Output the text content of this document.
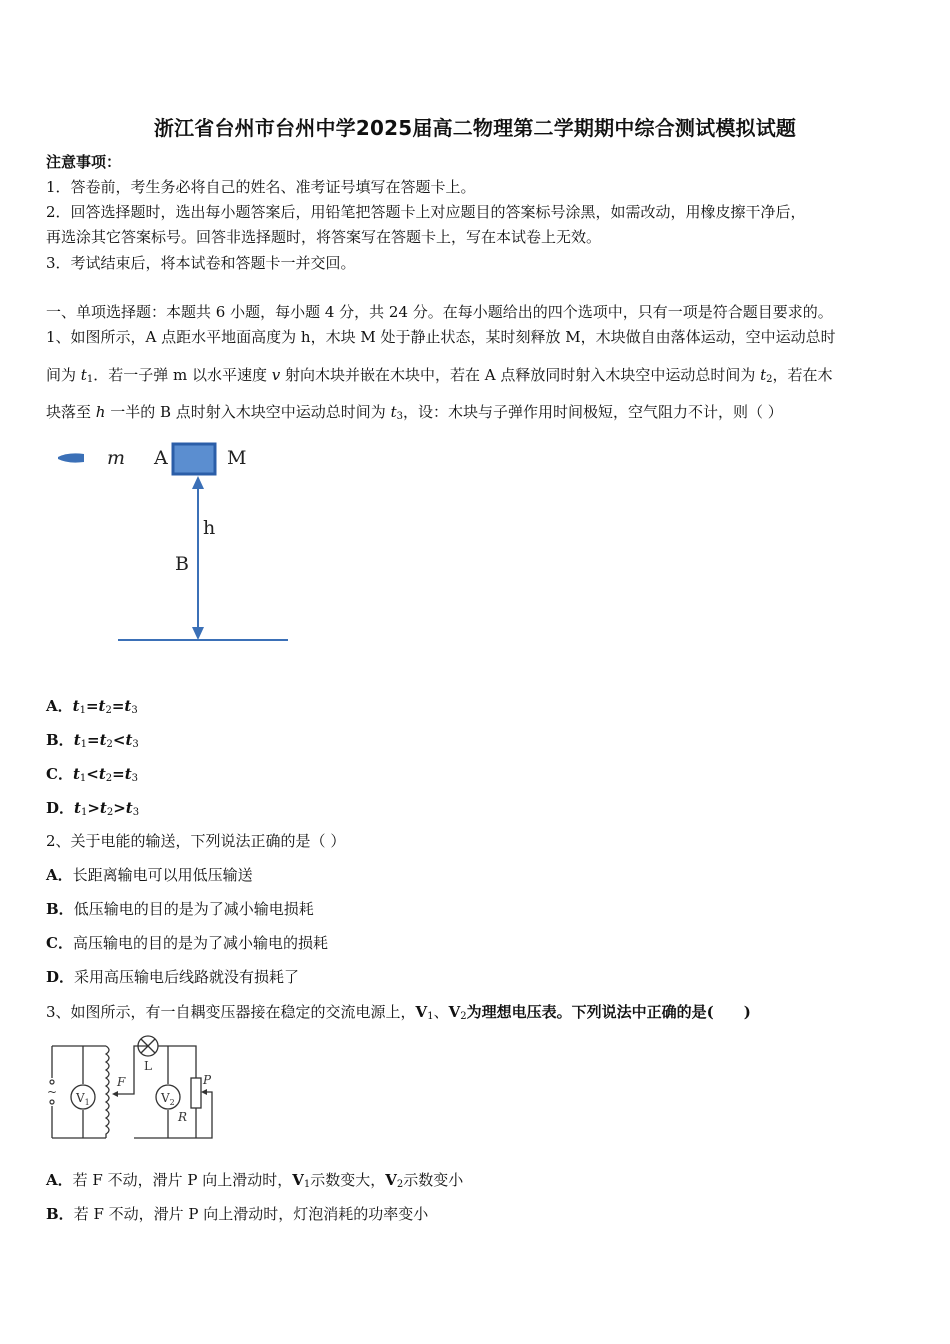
浙江省台州市台州中学2025届高二物理第二学期期中综合测试模拟试题
注意事项：
1．答卷前，考生务必将自己的姓名、准考证号填写在答题卡上。
2．回答选择题时，选出每小题答案后，用铅笔把答题卡上对应题目的答案标号涂黑，如需改动，用橡皮擦干净后，
再选涂其它答案标号。回答非选择题时，将答案写在答题卡上，写在本试卷上无效。
3．考试结束后，将本试卷和答题卡一并交回。
一、单项选择题：本题共 6 小题，每小题 4 分，共 24 分。在每小题给出的四个选项中，只有一项是符合题目要求的。
1、如图所示，A 点距水平地面高度为 h，木块 M 处于静止状态，某时刻释放 M，木块做自由落体运动，空中运动总时
间为 $t_1$．若一子弹 m 以水平速度 v 射向木块并嵌在木块中，若在 A 点释放同时射入木块空中运动总时间为 $t_2$，若在木
块落至 h 一半的 B 点时射入木块空中运动总时间为 $t_3$，设：木块与子弹作用时间极短，空气阻力不计，则（ ）
m A	M
h
B
A．$t_1=t_2=t_3$
B．$t_1=t_2<t_3$
C．$t_1<t_2=t_3$
D．$t_1>t_2>t_3$
2、关于电能的输送，下列说法正确的是（ ）
A．长距离输电可以用低压输送
B．低压输电的目的是为了减小输电损耗
C．高压输电的目的是为了减小输电的损耗
D．采用高压输电后线路就没有损耗了
3、如图所示，有一自耦变压器接在稳定的交流电源上，$V_1$、$V_2$为理想电压表。下列说法中正确的是(　　)
~ $V_1$	$V_2$
F
L
P
R
A．若 F 不动，滑片 P 向上滑动时，$V_1$示数变大，$V_2$示数变小
B．若 F 不动，滑片 P 向上滑动时，灯泡消耗的功率变小
